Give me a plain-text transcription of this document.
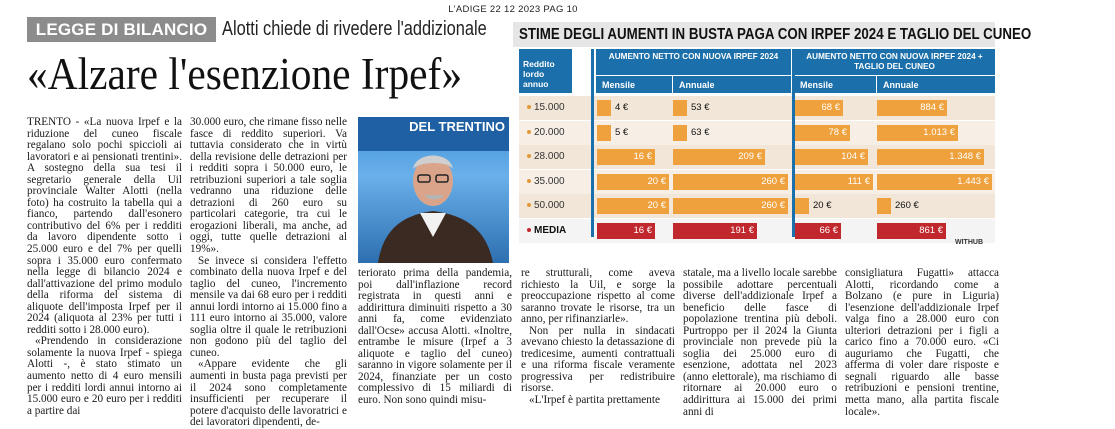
L'ADIGE 22 12 2023 PAG 10
LEGGE DI BILANCIO Alotti chiede di rivedere l'addizionale
«Alzare l'esenzione Irpef»

TRENTO - «La nuova Irpef e la riduzione del cuneo fiscale regalano solo pochi spiccioli ai lavoratori e ai pensionati trentini». A sostegno della sua tesi il segretario generale della Uil provinciale Walter Alotti (nella foto) ha costruito la tabella qui a fianco, partendo dall'esonero contributivo del 6% per i redditi da lavoro dipendente sotto i 25.000 euro e del 7% per quelli sopra i 35.000 euro confermato nella legge di bilancio 2024 e dall'attivazione del primo modulo della riforma del sistema di aliquote dell'imposta Irpef per il 2024 (aliquota al 23% per tutti i redditi sotto i 28.000 euro).

«Prendendo in considerazione solamente la nuova Irpef - spiega Alotti -, è stato stimato un aumento netto di 4 euro mensili per i redditi lordi annui intorno ai 15.000 euro e 20 euro per i redditi a partire dai

30.000 euro, che rimane fisso nelle fasce di reddito superiori. Va tuttavia considerato che in virtù della revisione delle detrazioni per i redditi sopra i 50.000 euro, le retribuzioni superiori a tale soglia vedranno una riduzione delle detrazioni di 260 euro su particolari categorie, tra cui le erogazioni liberali, ma anche, ad oggi, tutte quelle detrazioni al 19%».

Se invece si considera l'effetto combinato della nuova Irpef e del taglio del cuneo, l'incremento mensile va dai 68 euro per i redditi annui lordi intorno ai 15.000 fino a 111 euro intorno ai 35.000, valore soglia oltre il quale le retribuzioni non godono più del taglio del cuneo.

«Appare evidente che gli aumenti in busta paga previsti per il 2024 sono completamente insufficienti per recuperare il potere d'acquisto delle lavoratrici e dei lavoratori dipendenti, de-

DEL TRENTINO

teriorato prima della pandemia, poi dall'inflazione record registrata in questi anni e addirittura diminuiti rispetto a 30 anni fa, come evidenziato dall'Ocse» accusa Alotti. «Inoltre, entrambe le misure (Irpef a 3 aliquote e taglio del cuneo) saranno in vigore solamente per il 2024, finanziate per un costo complessivo di 15 miliardi di euro. Non sono quindi misu-

re strutturali, come aveva richiesto la Uil, e sorge la preoccupazione rispetto al come saranno trovate le risorse, tra un anno, per rifinanziarle».

Non per nulla in sindacati avevano chiesto la detassazione di tredicesime, aumenti contrattuali e una riforma fiscale veramente progressiva per redistribuire risorse.

«L'Irpef è partita prettamente

statale, ma a livello locale sarebbe possibile adottare percentuali diverse dell'addizionale Irpef a beneficio delle fasce di popolazione trentina più deboli. Purtroppo per il 2024 la Giunta provinciale non prevede più la soglia dei 25.000 euro di esenzione, adottata nel 2023 (anno elettorale), ma rischiamo di ritornare ai 20.000 euro o addirittura ai 15.000 dei primi anni di

consigliatura Fugatti» attacca Alotti, ricordando come a Bolzano (e pure in Liguria) l'esenzione dell'addizionale Irpef valga fino a 28.000 euro con ulteriori detrazioni per i figli a carico fino a 70.000 euro. «Ci auguriamo che Fugatti, che afferma di voler dare risposte e segnali riguardo alle basse retribuzioni e pensioni trentine, metta mano, alla partita fiscale locale».

STIME DEGLI AUMENTI IN BUSTA PAGA CON IRPEF 2024 E TAGLIO DEL CUNEO
Reddito lordo annuo
AUMENTO NETTO CON NUOVA IRPEF 2024	AUMENTO NETTO CON NUOVA IRPEF 2024 + TAGLIO DEL CUNEO
Mensile	Annuale	Mensile	Annuale
15.000	4 €	53 €	68 €	884 €
20.000	5 €	63 €	78 €	1.013 €
28.000	16 €	209 €	104 €	1.348 €
35.000	20 €	260 €	111 €	1.443 €
50.000	20 €	260 €	20 €	260 €
MEDIA	16 €	191 €	66 €	861 €
WITHUB
